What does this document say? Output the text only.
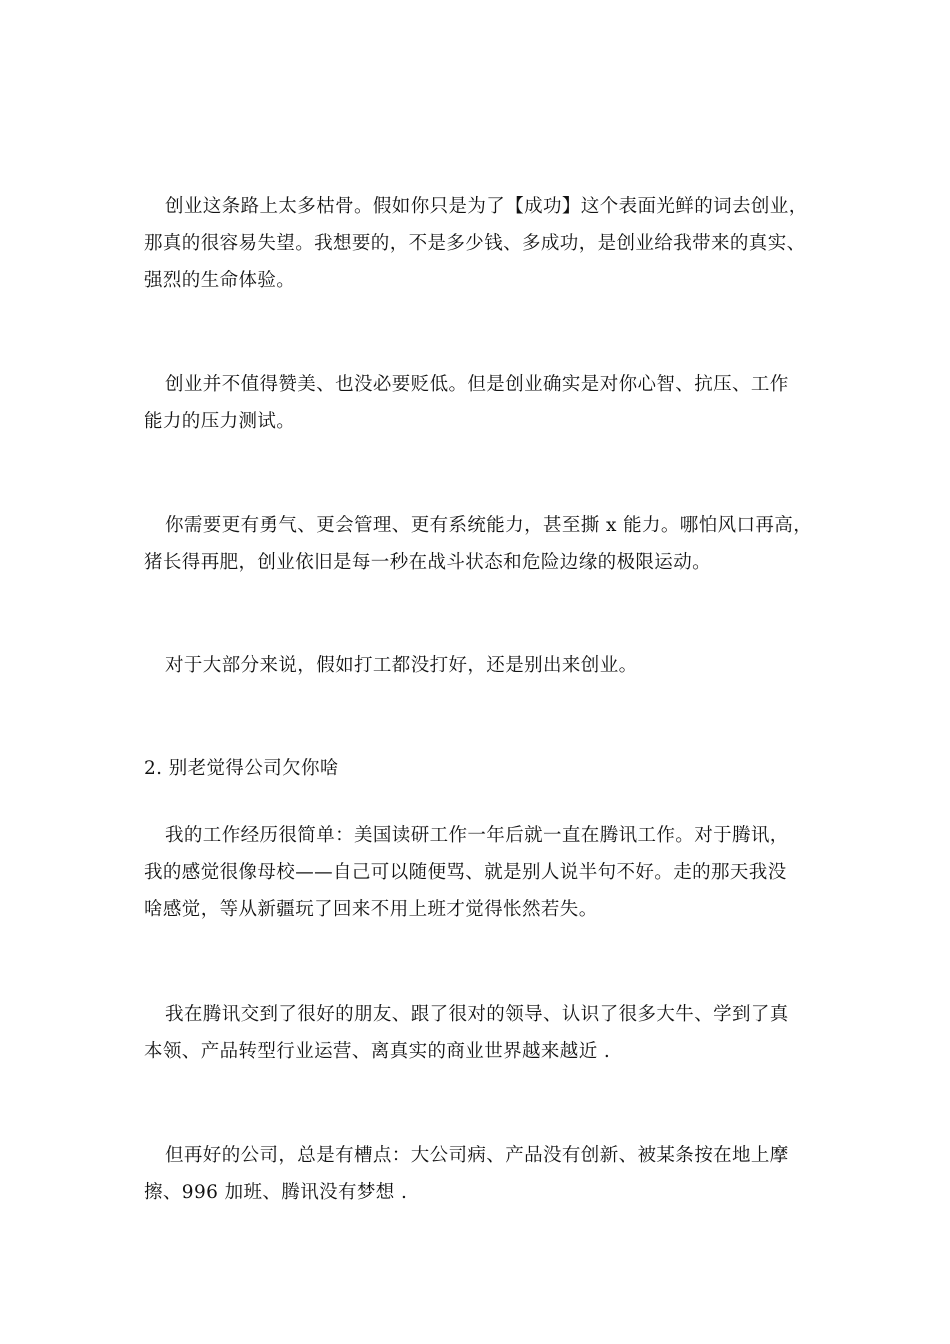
创业这条路上太多枯骨。假如你只是为了【成功】这个表面光鲜的词去创业，
那真的很容易失望。我想要的，不是多少钱、多成功，是创业给我带来的真实、
强烈的生命体验。
创业并不值得赞美、也没必要贬低。但是创业确实是对你心智、抗压、工作
能力的压力测试。
你需要更有勇气、更会管理、更有系统能力，甚至撕 x 能力。哪怕风口再高，
猪长得再肥，创业依旧是每一秒在战斗状态和危险边缘的极限运动。
对于大部分来说，假如打工都没打好，还是别出来创业。
2. 别老觉得公司欠你啥
我的工作经历很简单：美国读研工作一年后就一直在腾讯工作。对于腾讯，
我的感觉很像母校——自己可以随便骂、就是别人说半句不好。走的那天我没
啥感觉，等从新疆玩了回来不用上班才觉得怅然若失。
我在腾讯交到了很好的朋友、跟了很对的领导、认识了很多大牛、学到了真
本领、产品转型行业运营、离真实的商业世界越来越近 .
但再好的公司，总是有槽点：大公司病、产品没有创新、被某条按在地上摩
擦、996 加班、腾讯没有梦想 .
